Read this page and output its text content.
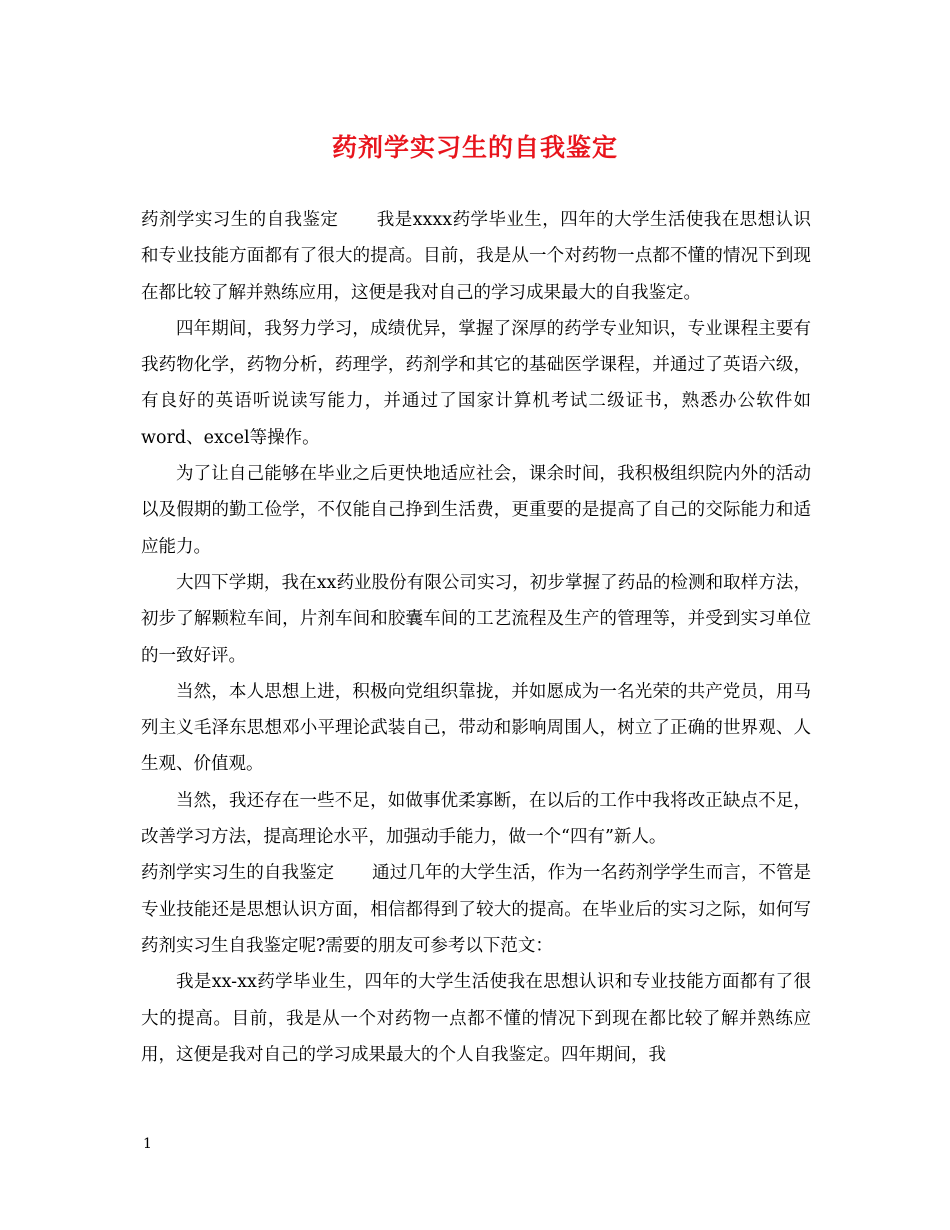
药剂学实习生的自我鉴定

药剂学实习生的自我鉴定 我是xxxx药学毕业生，四年的大学生活使我在思想认识和专业技能方面都有了很大的提高。目前，我是从一个对药物一点都不懂的情况下到现在都比较了解并熟练应用，这便是我对自己的学习成果最大的自我鉴定。

四年期间，我努力学习，成绩优异，掌握了深厚的药学专业知识，专业课程主要有我药物化学，药物分析，药理学，药剂学和其它的基础医学课程，并通过了英语六级，有良好的英语听说读写能力，并通过了国家计算机考试二级证书，熟悉办公软件如word、excel等操作。

为了让自己能够在毕业之后更快地适应社会，课余时间，我积极组织院内外的活动以及假期的勤工俭学，不仅能自己挣到生活费，更重要的是提高了自己的交际能力和适应能力。

大四下学期，我在xx药业股份有限公司实习，初步掌握了药品的检测和取样方法，初步了解颗粒车间，片剂车间和胶囊车间的工艺流程及生产的管理等，并受到实习单位的一致好评。

当然，本人思想上进，积极向党组织靠拢，并如愿成为一名光荣的共产党员，用马列主义毛泽东思想邓小平理论武装自己，带动和影响周围人，树立了正确的世界观、人生观、价值观。

当然，我还存在一些不足，如做事优柔寡断，在以后的工作中我将改正缺点不足，改善学习方法，提高理论水平，加强动手能力，做一个“四有”新人。

药剂学实习生的自我鉴定 通过几年的大学生活，作为一名药剂学学生而言，不管是专业技能还是思想认识方面，相信都得到了较大的提高。在毕业后的实习之际，如何写药剂实习生自我鉴定呢?需要的朋友可参考以下范文：

我是xx-xx药学毕业生，四年的大学生活使我在思想认识和专业技能方面都有了很大的提高。目前，我是从一个对药物一点都不懂的情况下到现在都比较了解并熟练应用，这便是我对自己的学习成果最大的个人自我鉴定。四年期间，我

1
